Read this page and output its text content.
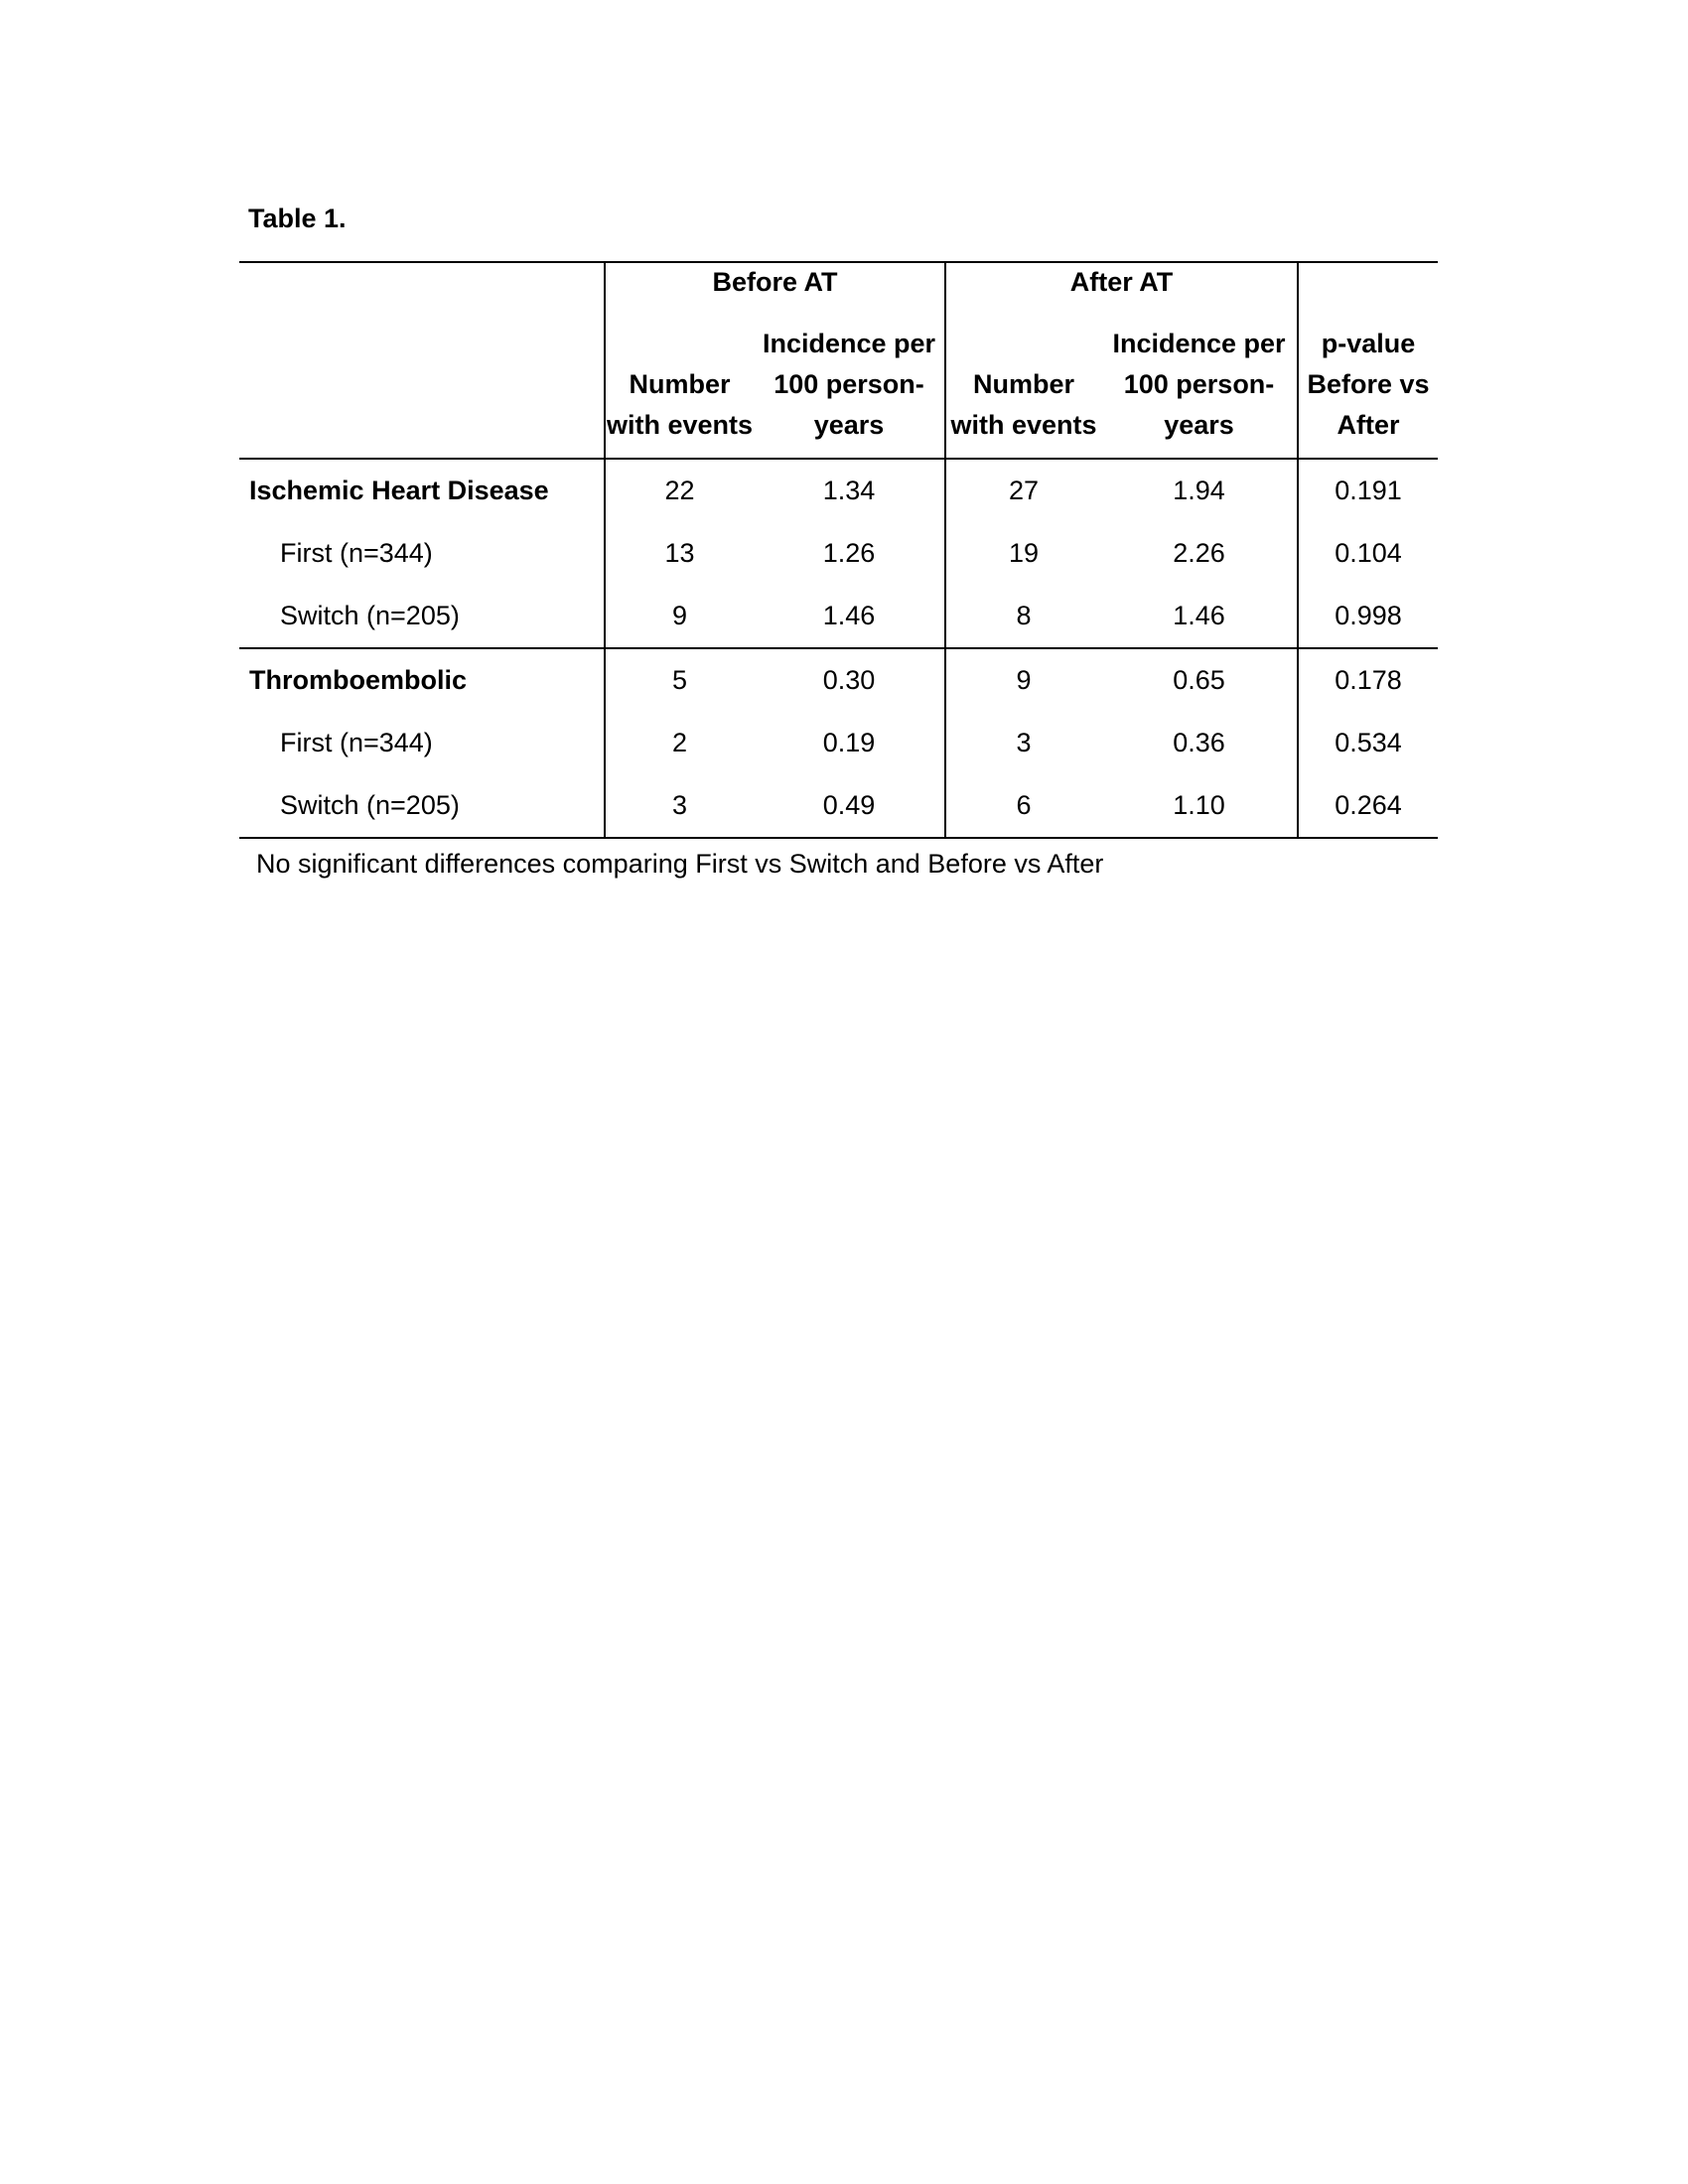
Table 1.
	Before AT		After AT		p-value Before vs After
	Number with events	Incidence per 100 person-years	Number with events	Incidence per 100 person-years	
Ischemic Heart Disease	22	1.34	27	1.94	0.191
First (n=344)	13	1.26	19	2.26	0.104
Switch (n=205)	9	1.46	8	1.46	0.998
Thromboembolic	5	0.30	9	0.65	0.178
First (n=344)	2	0.19	3	0.36	0.534
Switch (n=205)	3	0.49	6	1.10	0.264
No significant differences comparing First vs Switch and Before vs After
